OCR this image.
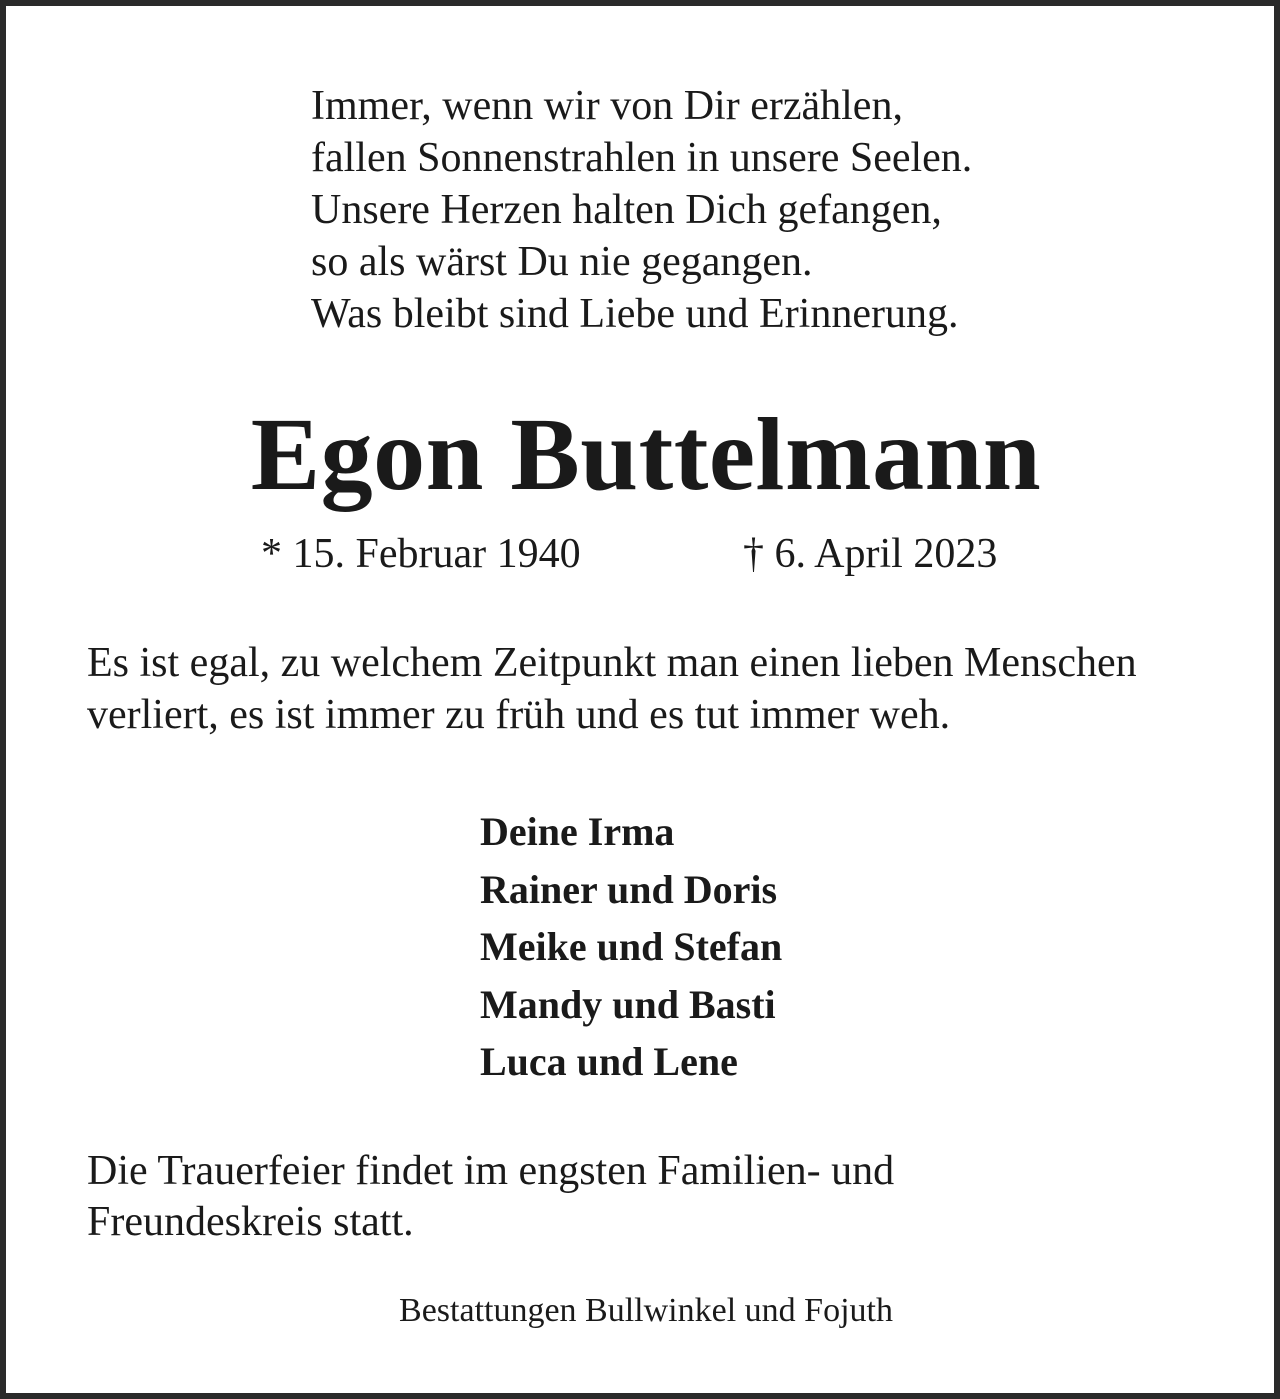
Immer, wenn wir von Dir erzählen,
fallen Sonnenstrahlen in unsere Seelen.
Unsere Herzen halten Dich gefangen,
so als wärst Du nie gegangen.
Was bleibt sind Liebe und Erinnerung.
Egon Buttelmann
* 15. Februar 1940	† 6. April 2023
Es ist egal, zu welchem Zeitpunkt man einen lieben Menschen
verliert, es ist immer zu früh und es tut immer weh.
Deine Irma
Rainer und Doris
Meike und Stefan
Mandy und Basti
Luca und Lene
Die Trauerfeier findet im engsten Familien- und
Freundeskreis statt.

Bestattungen Bullwinkel und Fojuth
